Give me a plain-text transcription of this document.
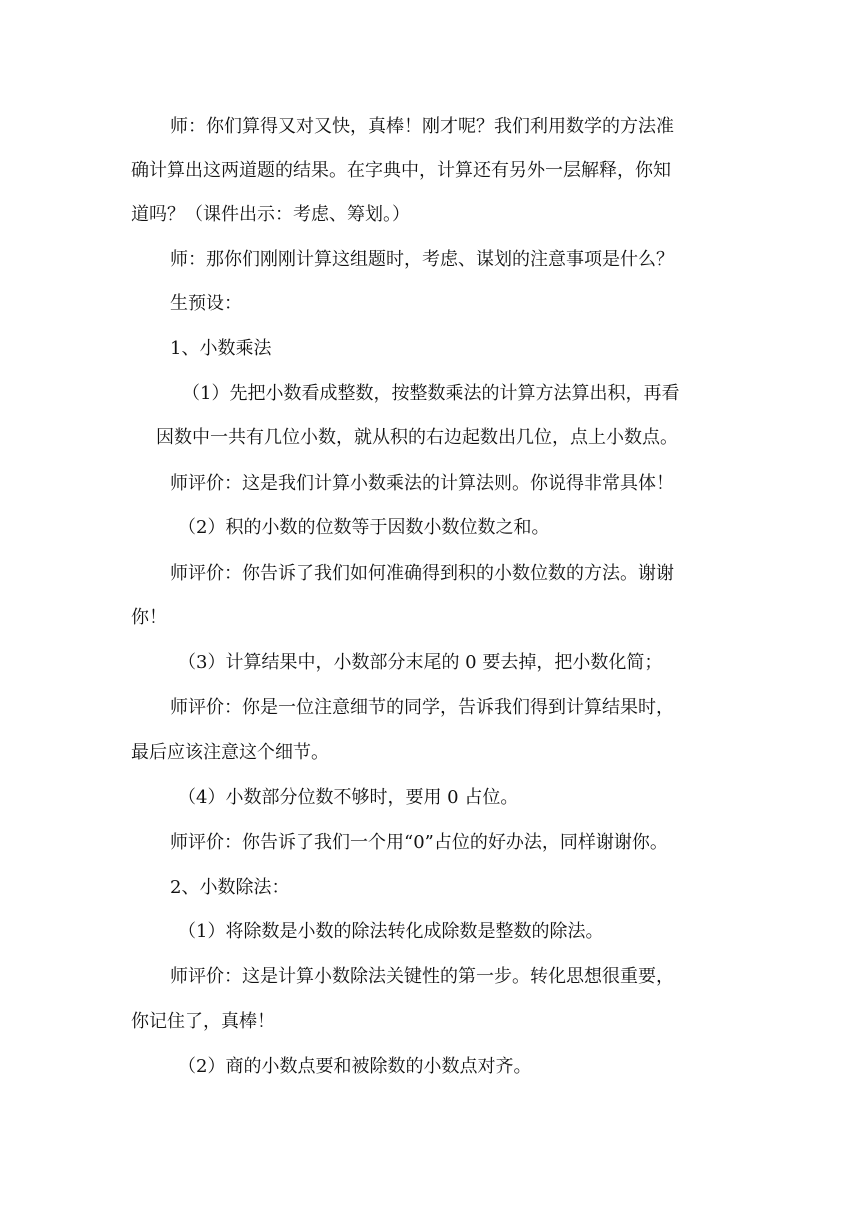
师：你们算得又对又快，真棒！刚才呢？我们利用数学的方法准
确计算出这两道题的结果。在字典中，计算还有另外一层解释，你知
道吗？（课件出示：考虑、筹划。）
师：那你们刚刚计算这组题时，考虑、谋划的注意事项是什么？
生预设：
1、小数乘法
（1）先把小数看成整数，按整数乘法的计算方法算出积，再看
因数中一共有几位小数，就从积的右边起数出几位，点上小数点。
师评价：这是我们计算小数乘法的计算法则。你说得非常具体！
（2）积的小数的位数等于因数小数位数之和。
师评价：你告诉了我们如何准确得到积的小数位数的方法。谢谢
你！
（3）计算结果中，小数部分末尾的 0 要去掉，把小数化简；
师评价：你是一位注意细节的同学，告诉我们得到计算结果时，
最后应该注意这个细节。
（4）小数部分位数不够时，要用 0 占位。
师评价：你告诉了我们一个用“0”占位的好办法，同样谢谢你。
2、小数除法：
（1）将除数是小数的除法转化成除数是整数的除法。
师评价：这是计算小数除法关键性的第一步。转化思想很重要，
你记住了，真棒！
（2）商的小数点要和被除数的小数点对齐。
